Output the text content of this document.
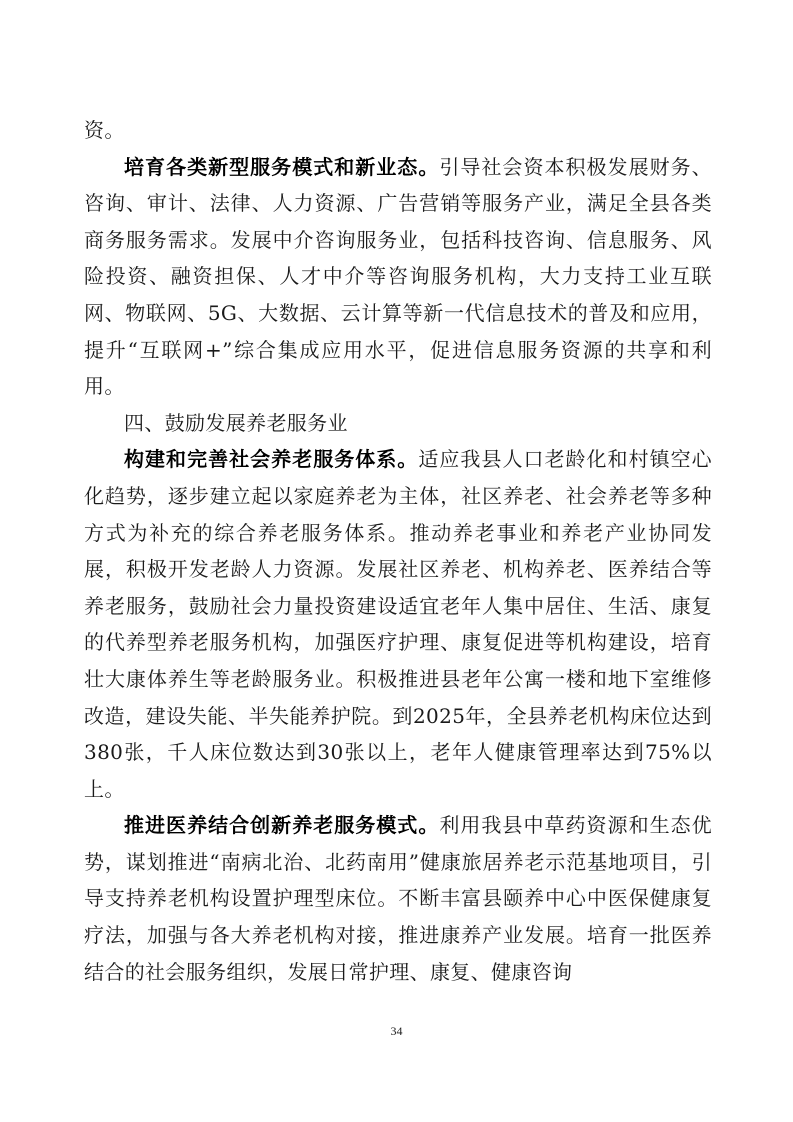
资。

培育各类新型服务模式和新业态。引导社会资本积极发展财务、咨询、审计、法律、人力资源、广告营销等服务产业，满足全县各类商务服务需求。发展中介咨询服务业，包括科技咨询、信息服务、风险投资、融资担保、人才中介等咨询服务机构，大力支持工业互联网、物联网、5G、大数据、云计算等新一代信息技术的普及和应用，提升“互联网+”综合集成应用水平，促进信息服务资源的共享和利用。

四、鼓励发展养老服务业

构建和完善社会养老服务体系。适应我县人口老龄化和村镇空心化趋势，逐步建立起以家庭养老为主体，社区养老、社会养老等多种方式为补充的综合养老服务体系。推动养老事业和养老产业协同发展，积极开发老龄人力资源。发展社区养老、机构养老、医养结合等养老服务，鼓励社会力量投资建设适宜老年人集中居住、生活、康复的代养型养老服务机构，加强医疗护理、康复促进等机构建设，培育壮大康体养生等老龄服务业。积极推进县老年公寓一楼和地下室维修改造，建设失能、半失能养护院。到2025年，全县养老机构床位达到380张，千人床位数达到30张以上，老年人健康管理率达到75%以上。

推进医养结合创新养老服务模式。利用我县中草药资源和生态优势，谋划推进“南病北治、北药南用”健康旅居养老示范基地项目，引导支持养老机构设置护理型床位。不断丰富县颐养中心中医保健康复疗法，加强与各大养老机构对接，推进康养产业发展。培育一批医养结合的社会服务组织，发展日常护理、康复、健康咨询

34
